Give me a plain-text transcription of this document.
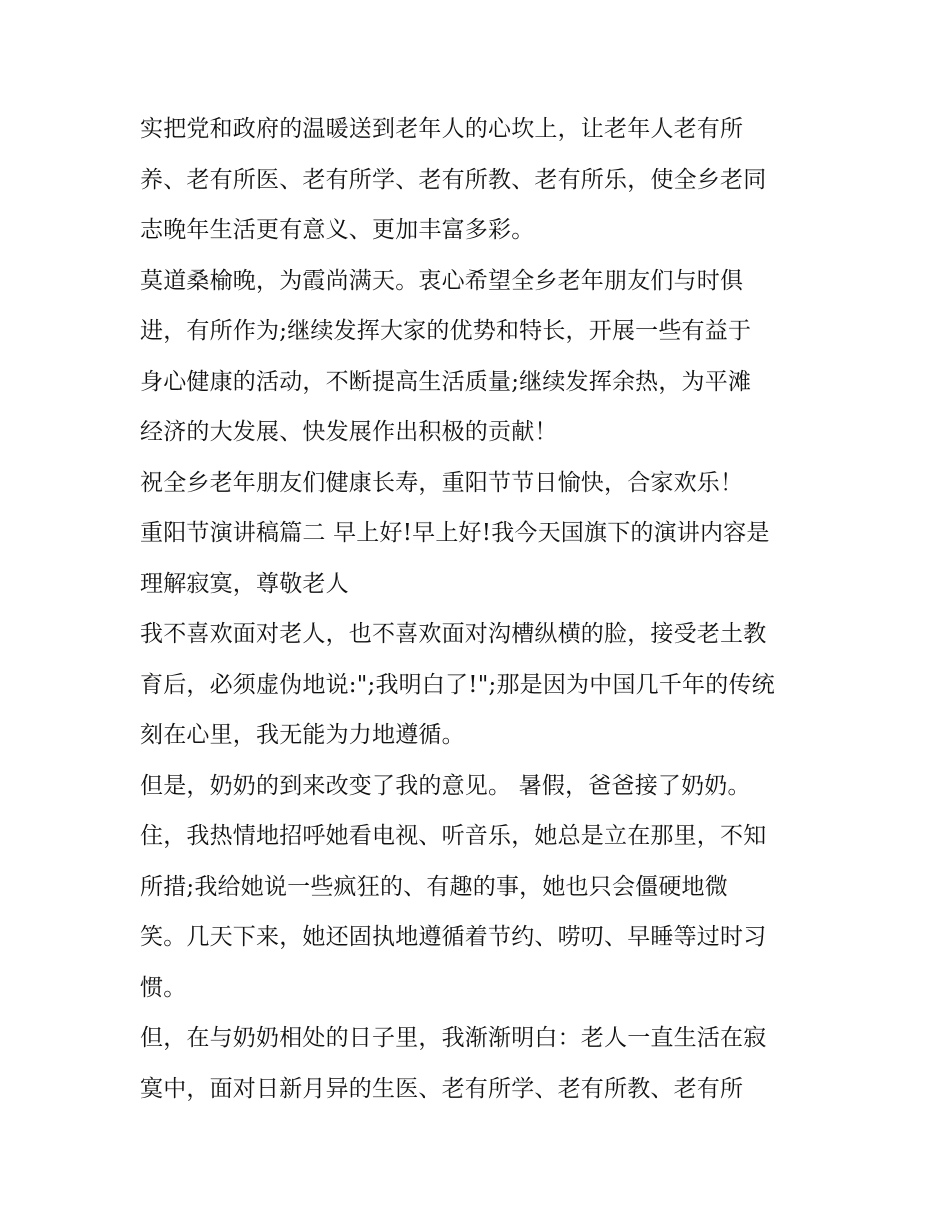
实把党和政府的温暖送到老年人的心坎上，让老年人老有所
养、老有所医、老有所学、老有所教、老有所乐，使全乡老同
志晚年生活更有意义、更加丰富多彩。
莫道桑榆晚，为霞尚满天。衷心希望全乡老年朋友们与时俱
进，有所作为;继续发挥大家的优势和特长，开展一些有益于
身心健康的活动，不断提高生活质量;继续发挥余热，为平滩
经济的大发展、快发展作出积极的贡献！
祝全乡老年朋友们健康长寿，重阳节节日愉快，合家欢乐！
重阳节演讲稿篇二 早上好!早上好!我今天国旗下的演讲内容是
理解寂寞，尊敬老人
我不喜欢面对老人，也不喜欢面对沟槽纵横的脸，接受老土教
育后，必须虚伪地说:";我明白了!";那是因为中国几千年的传统
刻在心里，我无能为力地遵循。
但是，奶奶的到来改变了我的意见。 暑假，爸爸接了奶奶。
住，我热情地招呼她看电视、听音乐，她总是立在那里，不知
所措;我给她说一些疯狂的、有趣的事，她也只会僵硬地微
笑。几天下来，她还固执地遵循着节约、唠叨、早睡等过时习
惯。
但，在与奶奶相处的日子里，我渐渐明白：老人一直生活在寂
寞中，面对日新月异的生医、老有所学、老有所教、老有所
